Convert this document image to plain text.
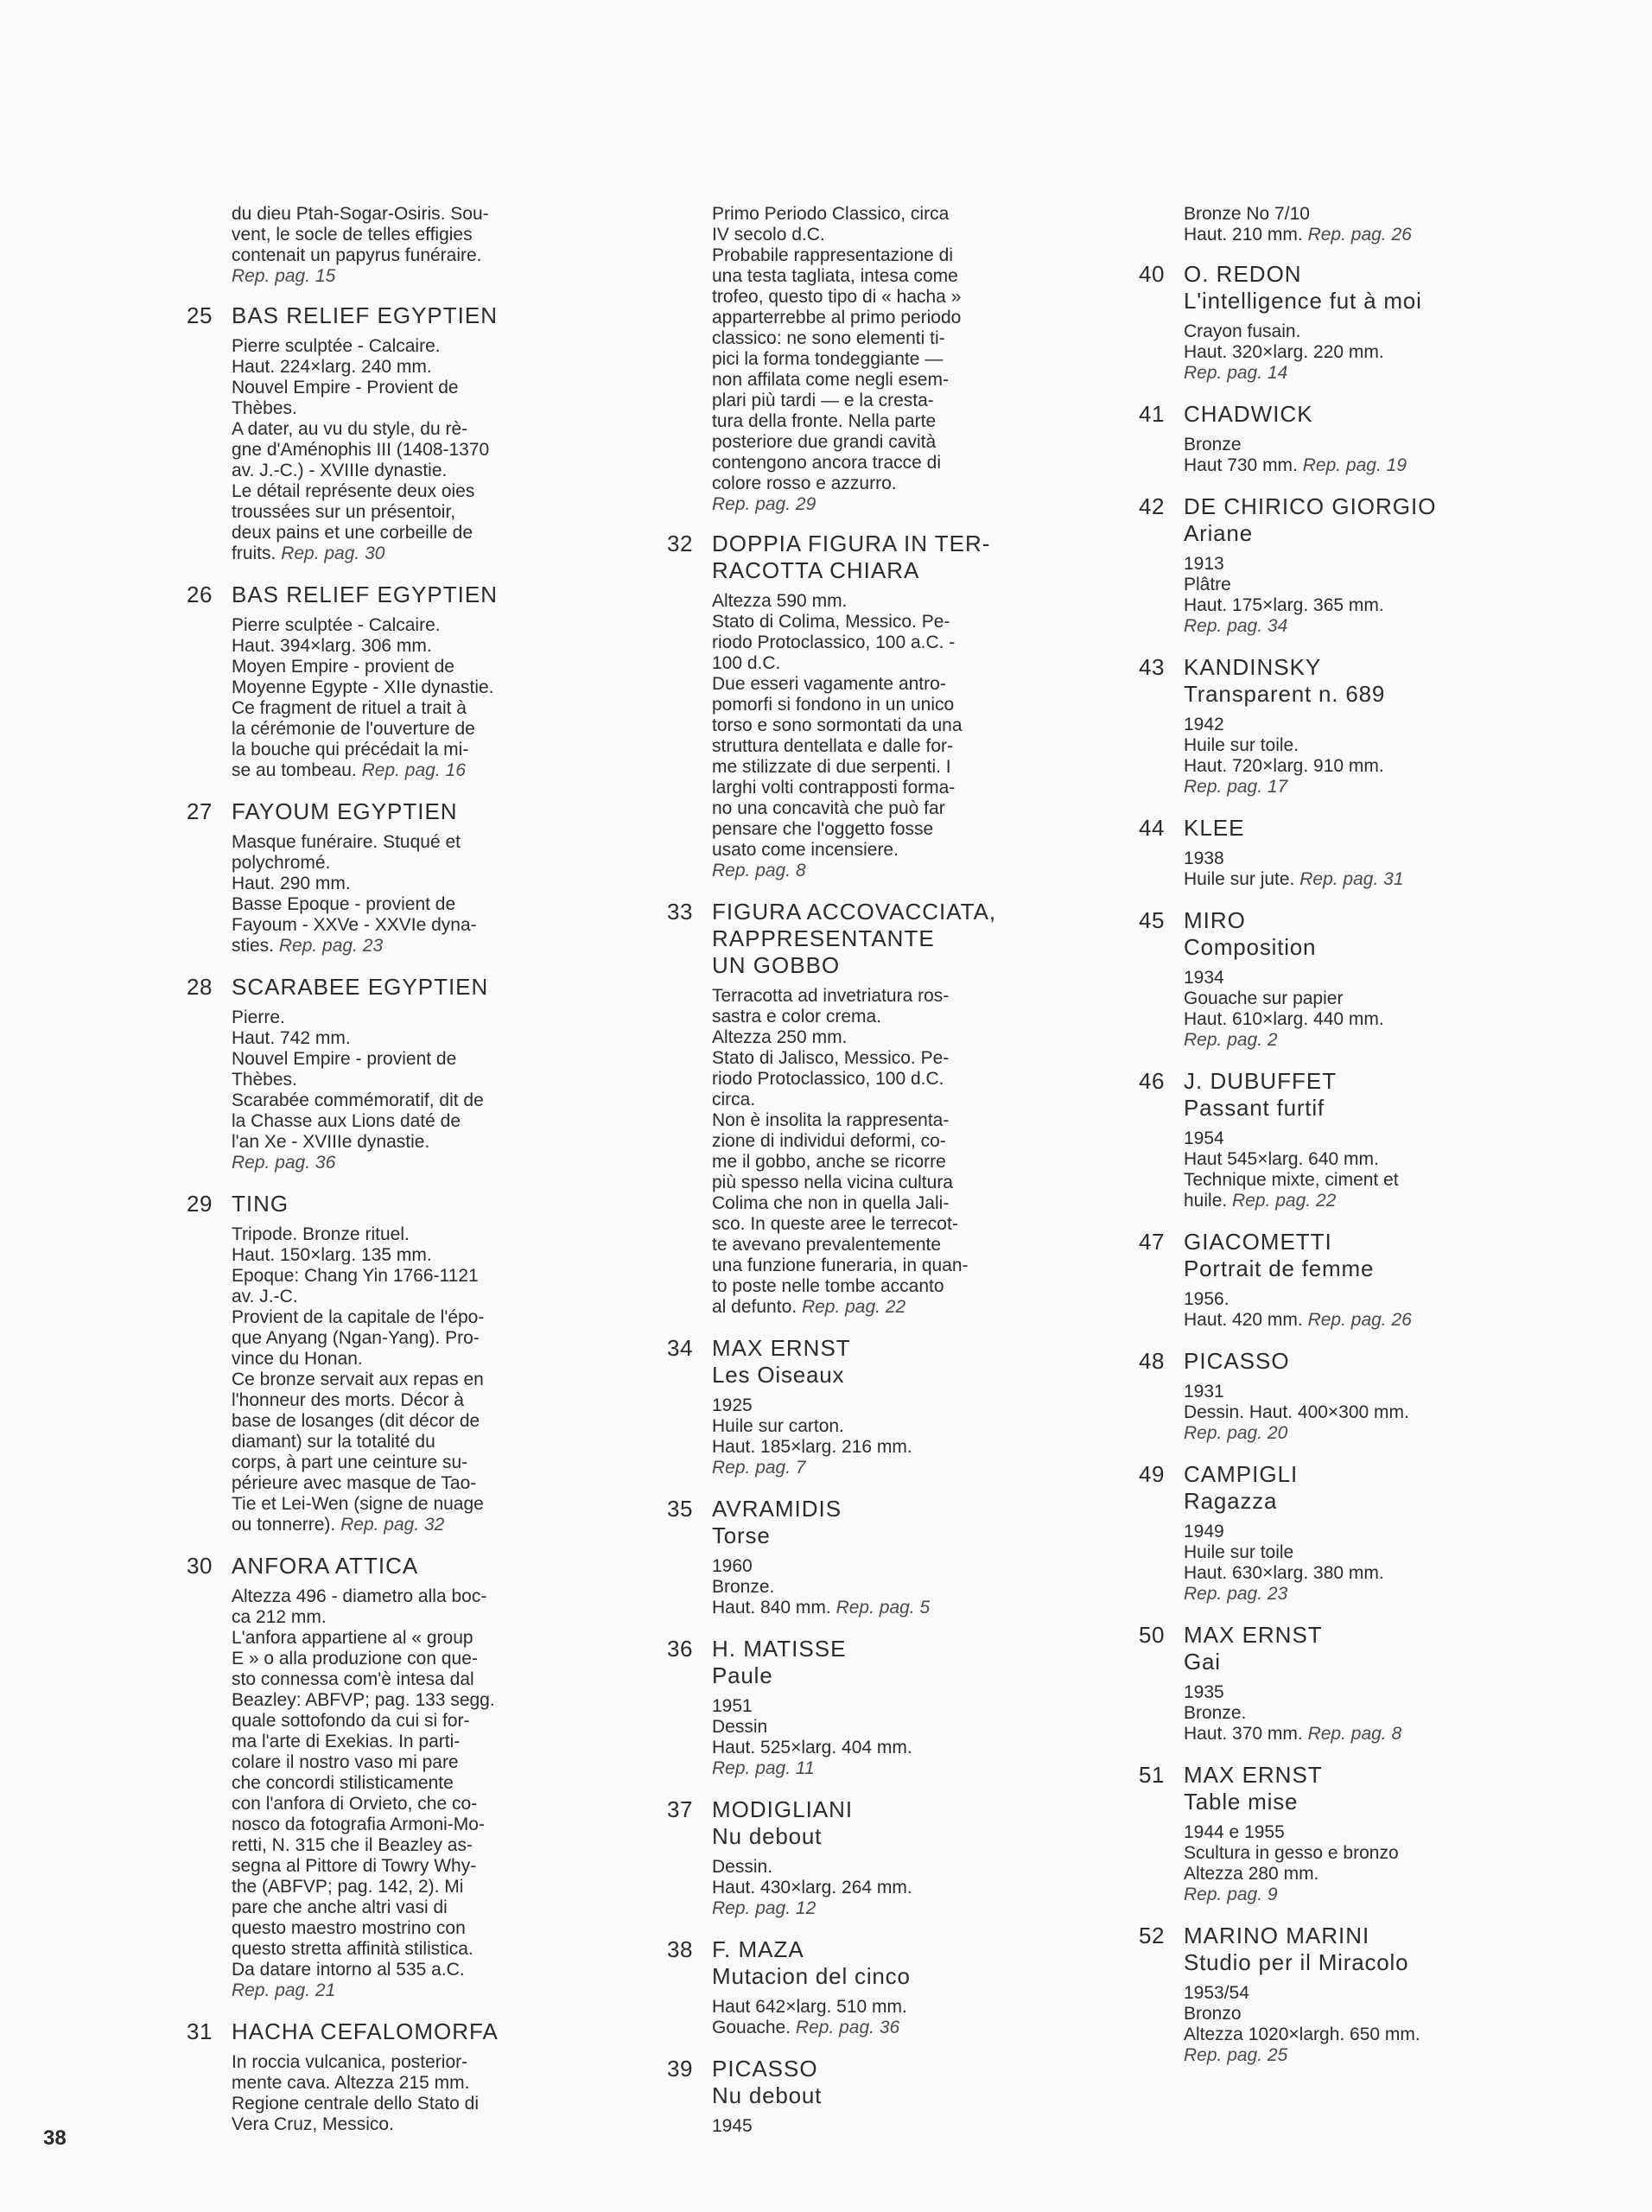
du dieu Ptah-Sogar-Osiris. Sou-
vent, le socle de telles effigies
contenait un papyrus funéraire.
Rep. pag. 15
25 BAS RELIEF EGYPTIEN
Pierre sculptée - Calcaire.
Haut. 224×larg. 240 mm.
Nouvel Empire - Provient de
Thèbes.
A dater, au vu du style, du rè-
gne d'Aménophis III (1408-1370
av. J.-C.) - XVIIIe dynastie.
Le détail représente deux oies
troussées sur un présentoir,
deux pains et une corbeille de
fruits. Rep. pag. 30
26 BAS RELIEF EGYPTIEN
Pierre sculptée - Calcaire.
Haut. 394×larg. 306 mm.
Moyen Empire - provient de
Moyenne Egypte - XIIe dynastie.
Ce fragment de rituel a trait à
la cérémonie de l'ouverture de
la bouche qui précédait la mi-
se au tombeau. Rep. pag. 16
27 FAYOUM EGYPTIEN
Masque funéraire. Stuqué et
polychromé.
Haut. 290 mm.
Basse Epoque - provient de
Fayoum - XXVe - XXVIe dyna-
sties. Rep. pag. 23
28 SCARABEE EGYPTIEN
Pierre.
Haut. 742 mm.
Nouvel Empire - provient de
Thèbes.
Scarabée commémoratif, dit de
la Chasse aux Lions daté de
l'an Xe - XVIIIe dynastie.
Rep. pag. 36
29 TING
Tripode. Bronze rituel.
Haut. 150×larg. 135 mm.
Epoque: Chang Yin 1766-1121
av. J.-C.
Provient de la capitale de l'épo-
que Anyang (Ngan-Yang). Pro-
vince du Honan.
Ce bronze servait aux repas en
l'honneur des morts. Décor à
base de losanges (dit décor de
diamant) sur la totalité du
corps, à part une ceinture su-
périeure avec masque de Tao-
Tie et Lei-Wen (signe de nuage
ou tonnerre). Rep. pag. 32
30 ANFORA ATTICA
Altezza 496 - diametro alla boc-
ca 212 mm.
L'anfora appartiene al « group
E » o alla produzione con que-
sto connessa com'è intesa dal
Beazley: ABFVP; pag. 133 segg.
quale sottofondo da cui si for-
ma l'arte di Exekias. In parti-
colare il nostro vaso mi pare
che concordi stilisticamente
con l'anfora di Orvieto, che co-
nosco da fotografia Armoni-Mo-
retti, N. 315 che il Beazley as-
segna al Pittore di Towry Why-
the (ABFVP; pag. 142, 2). Mi
pare che anche altri vasi di
questo maestro mostrino con
questo stretta affinità stilistica.
Da datare intorno al 535 a.C.
Rep. pag. 21
31 HACHA CEFALOMORFA
In roccia vulcanica, posterior-
mente cava. Altezza 215 mm.
Regione centrale dello Stato di
Vera Cruz, Messico.
Primo Periodo Classico, circa
IV secolo d.C.
Probabile rappresentazione di
una testa tagliata, intesa come
trofeo, questo tipo di « hacha »
apparterrebbe al primo periodo
classico: ne sono elementi ti-
pici la forma tondeggiante —
non affilata come negli esem-
plari più tardi — e la cresta-
tura della fronte. Nella parte
posteriore due grandi cavità
contengono ancora tracce di
colore rosso e azzurro.
Rep. pag. 29
32 DOPPIA FIGURA IN TER-
RACOTTA CHIARA
Altezza 590 mm.
Stato di Colima, Messico. Pe-
riodo Protoclassico, 100 a.C. -
100 d.C.
Due esseri vagamente antro-
pomorfi si fondono in un unico
torso e sono sormontati da una
struttura dentellata e dalle for-
me stilizzate di due serpenti. I
larghi volti contrapposti forma-
no una concavità che può far
pensare che l'oggetto fosse
usato come incensiere.
Rep. pag. 8
33 FIGURA ACCOVACCIATA,
RAPPRESENTANTE
UN GOBBO
Terracotta ad invetriatura ros-
sastra e color crema.
Altezza 250 mm.
Stato di Jalisco, Messico. Pe-
riodo Protoclassico, 100 d.C.
circa.
Non è insolita la rappresenta-
zione di individui deformi, co-
me il gobbo, anche se ricorre
più spesso nella vicina cultura
Colima che non in quella Jali-
sco. In queste aree le terrecot-
te avevano prevalentemente
una funzione funeraria, in quan-
to poste nelle tombe accanto
al defunto. Rep. pag. 22
34 MAX ERNST
Les Oiseaux
1925
Huile sur carton.
Haut. 185×larg. 216 mm.
Rep. pag. 7
35 AVRAMIDIS
Torse
1960
Bronze.
Haut. 840 mm. Rep. pag. 5
36 H. MATISSE
Paule
1951
Dessin
Haut. 525×larg. 404 mm.
Rep. pag. 11
37 MODIGLIANI
Nu debout
Dessin.
Haut. 430×larg. 264 mm.
Rep. pag. 12
38 F. MAZA
Mutacion del cinco
Haut 642×larg. 510 mm.
Gouache. Rep. pag. 36
39 PICASSO
Nu debout
1945
Bronze No 7/10
Haut. 210 mm. Rep. pag. 26
40 O. REDON
L'intelligence fut à moi
Crayon fusain.
Haut. 320×larg. 220 mm.
Rep. pag. 14
41 CHADWICK
Bronze
Haut 730 mm. Rep. pag. 19
42 DE CHIRICO GIORGIO
Ariane
1913
Plâtre
Haut. 175×larg. 365 mm.
Rep. pag. 34
43 KANDINSKY
Transparent n. 689
1942
Huile sur toile.
Haut. 720×larg. 910 mm.
Rep. pag. 17
44 KLEE
1938
Huile sur jute. Rep. pag. 31
45 MIRO
Composition
1934
Gouache sur papier
Haut. 610×larg. 440 mm.
Rep. pag. 2
46 J. DUBUFFET
Passant furtif
1954
Haut 545×larg. 640 mm.
Technique mixte, ciment et
huile. Rep. pag. 22
47 GIACOMETTI
Portrait de femme
1956.
Haut. 420 mm. Rep. pag. 26
48 PICASSO
1931
Dessin. Haut. 400×300 mm.
Rep. pag. 20
49 CAMPIGLI
Ragazza
1949
Huile sur toile
Haut. 630×larg. 380 mm.
Rep. pag. 23
50 MAX ERNST
Gai
1935
Bronze.
Haut. 370 mm. Rep. pag. 8
51 MAX ERNST
Table mise
1944 e 1955
Scultura in gesso e bronzo
Altezza 280 mm.
Rep. pag. 9
52 MARINO MARINI
Studio per il Miracolo
1953/54
Bronzo
Altezza 1020×largh. 650 mm.
Rep. pag. 25
38
